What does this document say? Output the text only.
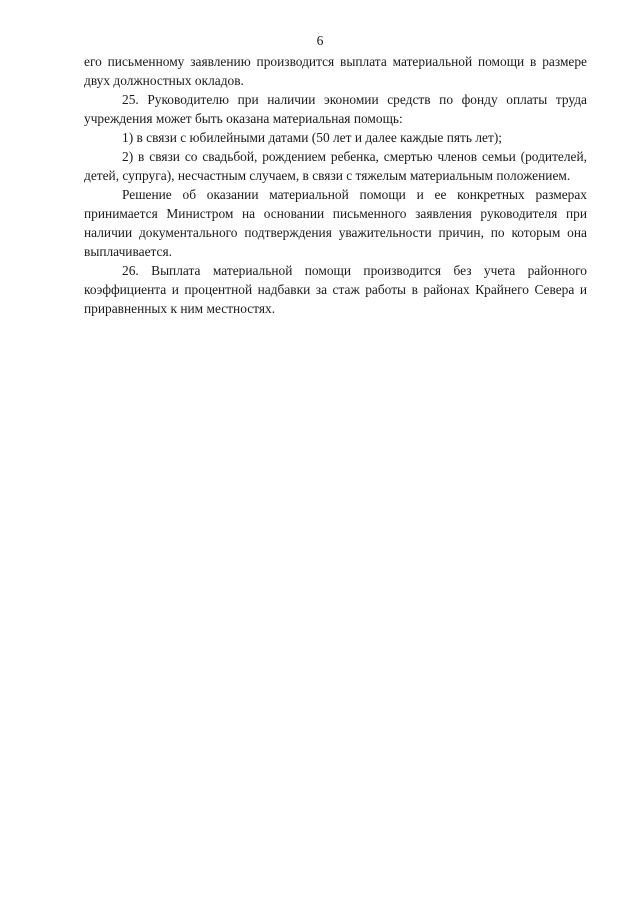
6

его письменному заявлению производится выплата материальной помощи в размере двух должностных окладов.

25. Руководителю при наличии экономии средств по фонду оплаты труда учреждения может быть оказана материальная помощь:

1) в связи с юбилейными датами (50 лет и далее каждые пять лет);

2) в связи со свадьбой, рождением ребенка, смертью членов семьи (родителей, детей, супруга), несчастным случаем, в связи с тяжелым материальным положением.

Решение об оказании материальной помощи и ее конкретных размерах принимается Министром на основании письменного заявления руководителя при наличии документального подтверждения уважительности причин, по которым она выплачивается.

26. Выплата материальной помощи производится без учета районного коэффициента и процентной надбавки за стаж работы в районах Крайнего Севера и приравненных к ним местностях.
